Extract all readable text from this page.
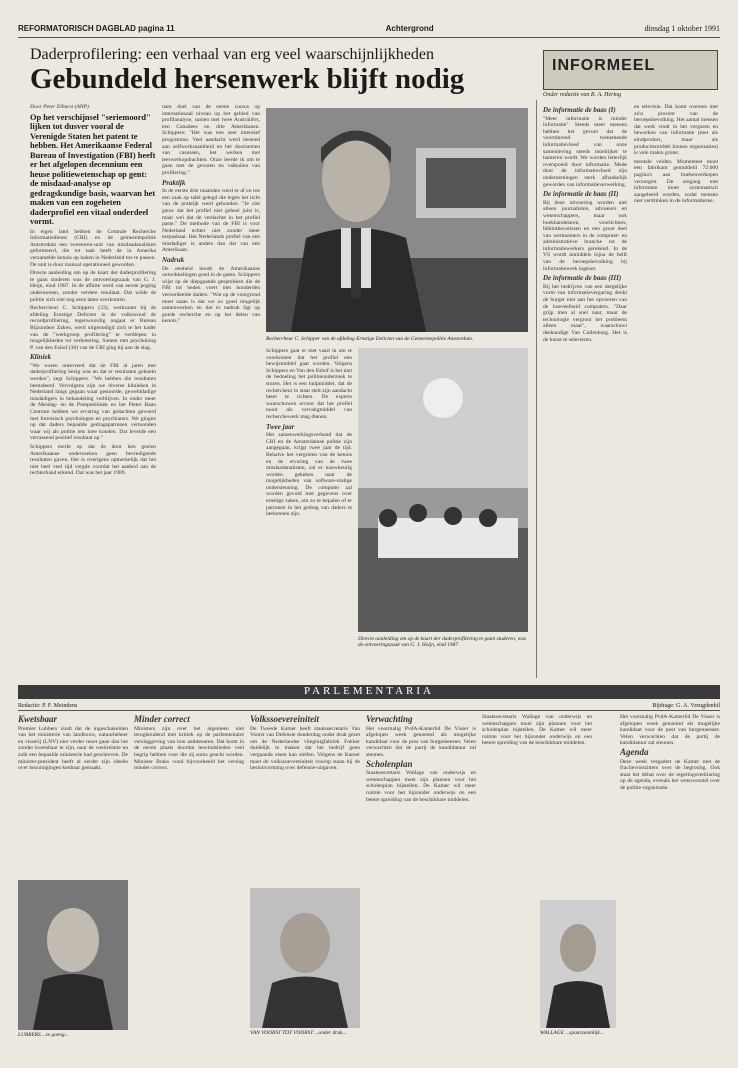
REFORMATORISCH DAGBLAD pagina 11	Achtergrond	dinsdag 1 oktober 1991
Daderprofilering: een verhaal van erg veel waarschijnlijkheden
Gebundeld hersenwerk blijft nodig
Door Peter Elburst (ANP)

Op het verschijnsel "seriemoord" lijken tot dusver vooral de Verenigde Staten het patent te hebben. Het Amerikaanse Federal Bureau of Investigation (FBI) heeft er het afgelopen decennium een heuse politiewetenschap op gent: de misdaad-analyse op gedragskundige basis, waarvan het maken van een zogeheten daderprofiel een vitaal onderdeel vormt.

In eigen land hebben de Centrale Recherche Informatiedienst (CRI) en de gemeentepolitie Amsterdam een tweetoren-unit van misdaadanalisten geformeerd, die tot taak heeft de in Amerika verzamelde kennis op haken in Nederland toe te passen. De unit is door manual operationeel geworden.

Directe aanleiding om op de kaart der daderprofilering te gaan studeren was de ontvoeringszaak van G. J. Heijn, eind 1987. In de affaire werd van eerste poging ondernomen, zonder verdere resultaat. Dat wilde de politie zich niet nog eens laten overkomen.

Rechercheur C. Schippers (33), werkzaam bij de afdeling Ernstige Delicten in de volkswoud de recordprofilering, tegenwoordig ongaat er Bureau Bijzondere Zaken, werd uitgenodigd zich te het kader van de "werkgroep profilering" te verdiepen in mogelijkheden tot verbetering. Samen met psycholoog P. van den Eshof (38) van de CRI ging hij aan de slag.

Kliniek

"We waren ontevreed dat de FBI al jaren met daderprofilering bezig was en dat er resultaten geboekt werden", zegt Schippers. "We hebben die resultaten bestudeerd. Vervolgens zijn we diverse klinieken in Nederland langs gegaan waar gestoorde, gewelddadige misdadigers in behandeling verblijven. In onder meer de Mesdag- en de Pompekliniek en het Pieter Baan Centrum hebben we ervaring van gedachten gevoerd met forensisch psychologen en psychiaters. We gingen op dat daders bepaalde gedragspatronen vertoonden waar wij als politie iets mee konden. Dat leverde een verrassend positief resultaat op."

Schippers merkt op dat de door hen gezien Amerikaanse onderzoeken geen bevredigende resultaten gaven. Het is overigens opmerkelijk dat het niet heel veel tijd vergde voordat het aanbod aan de rechterhand erkend. Dat was het jaar 1989.

nam doel van de eerste cursus op internationaal niveau op het gebied van profilanalyse, samen met twee Australiërs, een Canadees en drie Amerikanen. Schippers: "Het was een zeer intensief programma. Veel aandacht werd besteed aan zelfwerkzaamheid en het doornemen van casussen, het werken met leerwerkopdrachten. Onze leerde ik om te gaan met de gevaren en valkuilen van profilering."

Praktijk

In de eerste drie maanden werd er af en toe een zaak op tafel gelegd die tegen het licht van de praktijk werd gehouden. "Je ziet gauw dat het profiel niet geheel juist is, maar wel dat de verdachte in het profiel paste." De methode van de FBI is voor Nederland echter niet zonder meer toepasbaar. Het Nederlands profiel van een misdadiger is anders dan dat van een Amerikaan.

Nadruk

De eenheid houdt de Amerikaanse ontwikkelingen goed in de gaten. Schippers wijst op de diepgaande gesprekken die de FBI tot heden voert met honderden veroordeelde daders. "Wat op de voorgrond moet staan is dat we zo goed mogelijk samenwerken en dat er nadruk ligt op goede recherche en op het delen van kennis."

Rechercheur C. Schipper van de afdeling Ernstige Delicten van de Gemeentepolitie Amsterdam.

Schippers gaat er met vaart in om te voorkomen dat het profiel een bewijsmiddel gaat worden. Volgens Schippers en Van den Eshof is het niet de bedoeling het politieonderzoek te sturen. Het is een hulpmiddel, dat de rechercheur in staat stelt zijn aandacht beter te richten. De experts waarschuwen ervoor dat het profiel nooit als vervangmiddel van recherchewerk mag dienen.

Twee jaar

Het samenwerkingsverband dat de CRI en de Amsterdamse politie zijn aangegaan, krijgt twee jaar de tijd. Behalve het vergroten van de kennis en de ervaring van de twee misdaadanalisten, zal er nauwkeurig worden gekeken naar de mogelijkheden van software-matige ondersteuning. De computer zal worden gevuld met gegevens over ernstige zaken, om zo te bepalen of er patronen in het gedrag van daders te herkennen zijn.

Directe aanleiding om op de kaart der daderprofilering te gaan studeren, was de ontvoeringszaak van G. J. Heijn, eind 1987.
INFORMEEL
Onder redactie van R. A. Hertog
De informatie de baas (I)

"Meer informatie is minder informatie". Steeds meer mensen hebben het gevoel dat de voortdurend toenemende informatievloed van onze samenleving steeds moeilijker te hanteren wordt. We worden letterlijk overspoeld door informatie. Mede door de informatievloed zijn ondernemingen sterk afhankelijk geworden van informatieverwerking.

De informatie de baas (II)

Bij deze uitvoering worden niet alleen journalisten, adviseurs en wetenschappers, maar ook boekhandelaren, voorlichters, bibliothecarissen en een groot deel van werknemers in de computer- en administratieve branche tot de informatiewerkers gerekend. In de VS wordt inmiddels bijna de helft van de beroepsbevolking bij informatiewerk ingezet.

De informatie de baas (III)

Bij het bedrijven van een dergelijke vorm van informatievergaring denkt de burger niet aan het opvoeren van de hoeveelheid computers. "Daar grijp men al snel naar, maar de technologie vergroot het probleem alleen maar", waarschuwt deskundige Van Cuilenburg. Het is de kunst te selecteren.

en televisie. Dat komt overeen met zo'n procent van de beroepsbevolking. Het aantal mensen dat werk vindt in het vergaren en bewerken van informatie (met als eindproduct, maar als productiemiddel binnen organisaties) is vele malen groter.

mentale velden. Momenteel moet een fabrikant gemiddeld 72.000 pagina's aan boekenverkopen verzorgen. De omgang met informatie moet systematisch aangeleerd worden, zodat mensen niet verdrinken in de informatiezee.

PARLEMENTARIA
Redactie: P. F. Meindens	Bijdrage: G. A. Vreugdenhil
Kwetsbaar

Premier Lubbers vindt dat de ingeschakelden van het ministerie van landbouw, natuurbeheer en visserij (LNV) niet verder moet gaan dan het zonder kwetsbaar te zijn, naar de werkrelatie en zulk een bepaalde ministerie had geschreven. De minister-president heeft al eerder zijn ideeën over bezuinigingen kenbaar gemaakt.

LUBBERS ...te goeng...
Minder correct

Ministers zijn over het algemeen niet terughoudend met kritiek op de parlementaire verslaggeving van hun ambtenaren. Dat komt in de eerste plaats doordat bewindslieden veel begrip hebben voor die zij soms geacht worden. Minister Braks vond bijvoorbeeld het verslag minder correct.

Volkssoevereiniteit

De Tweede Kamer heeft staatssecretaris Van Voorst van Defensie donderdag onder druk gezet om de Nederlandse vliegtuigfabriek Fokker duidelijk te maken dat het bedrijf geen vergaande eisen kan stellen. Volgens de Kamer moet de volkssoevereiniteit voorop staan bij de besluitvorming over defensie-uitgaven.

VAN VOORST TOT VOORST ...onder druk...
Verwachting

Het voormalig PvdA-Kamerlid De Visser is afgelopen week genoemd als mogelijke kandidaat voor de post van burgemeester. Velen verwachten dat de partij de kandidatuur zal steunen.

Scholenplan

Staatssecretaris Wallage van onderwijs en wetenschappen moet zijn plannen voor het scholenplan bijstellen. De Kamer wil meer ruimte voor het bijzonder onderwijs en een betere spreiding van de beschikbare middelen.

Staatssecretaris Wallage van onderwijs en wetenschappen moet zijn plannen voor het scholenplan bijstellen. De Kamer wil meer ruimte voor het bijzonder onderwijs en een betere spreiding van de beschikbare middelen.

WALLAGE ...spaarzaamlijk...

Het voormalig PvdA-Kamerlid De Visser is afgelopen week genoemd als mogelijke kandidaat voor de post van burgemeester. Velen verwachten dat de partij de kandidatuur zal steunen.

Agenda

Deze week vergadert de Kamer met de fractievoorzitters over de begroting. Ook staat het debat over de regeringsverklaring op de agenda, evenals het wetsvoorstel over de politie-organisatie.
